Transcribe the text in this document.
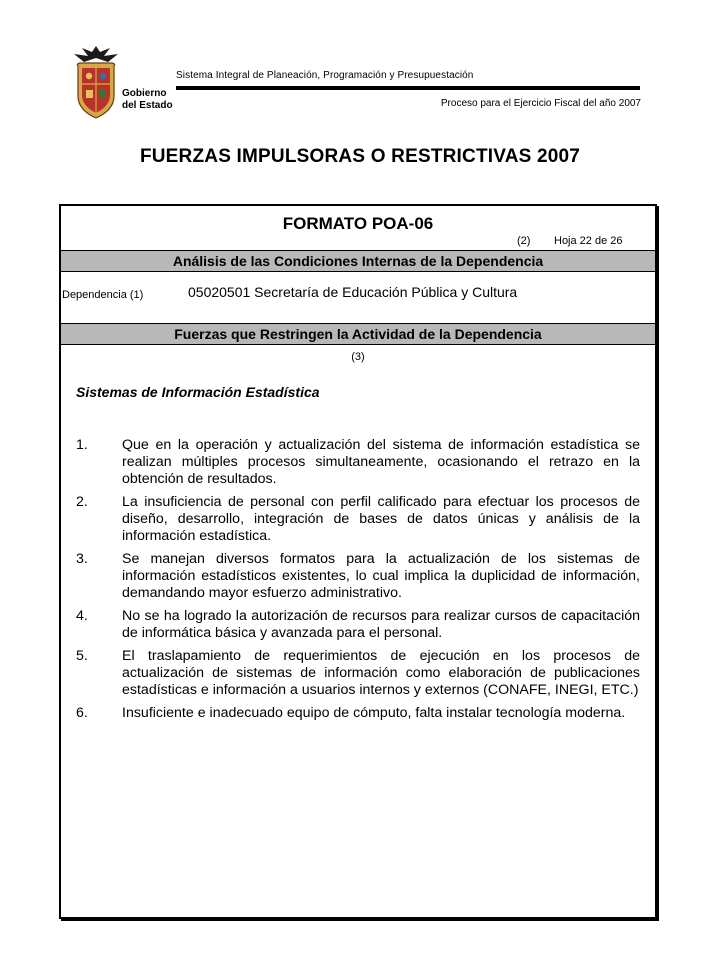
Gobierno
del Estado
Sistema Integral de Planeación, Programación y Presupuestación
Proceso para el Ejercicio Fiscal del año 2007
FUERZAS IMPULSORAS O RESTRICTIVAS 2007
FORMATO POA-06
(2) Hoja 22 de 26
Análisis de las Condiciones Internas de la Dependencia
Dependencia (1)	05020501 Secretaría de Educación Pública y Cultura
Fuerzas que Restringen la Actividad de la Dependencia
(3)
Sistemas de Información Estadística
1.	Que en la operación y actualización del sistema de información estadística se realizan múltiples procesos simultaneamente, ocasionando el retrazo en la obtención de resultados.
2.	La insuficiencia de personal con perfil calificado para efectuar los procesos de diseño, desarrollo, integración de bases de datos únicas y análisis de la información estadística.
3.	Se manejan diversos formatos para la actualización de los sistemas de información estadísticos existentes, lo cual implica la duplicidad de información, demandando mayor esfuerzo administrativo.
4.	No se ha logrado la autorización de recursos para realizar cursos de capacitación de informática básica y avanzada para el personal.
5.	El traslapamiento de requerimientos de ejecución en los procesos de actualización de sistemas de información como elaboración de publicaciones estadísticas e información a usuarios internos y externos (CONAFE, INEGI, ETC.)
6.	Insuficiente e inadecuado equipo de cómputo, falta instalar tecnología moderna.
